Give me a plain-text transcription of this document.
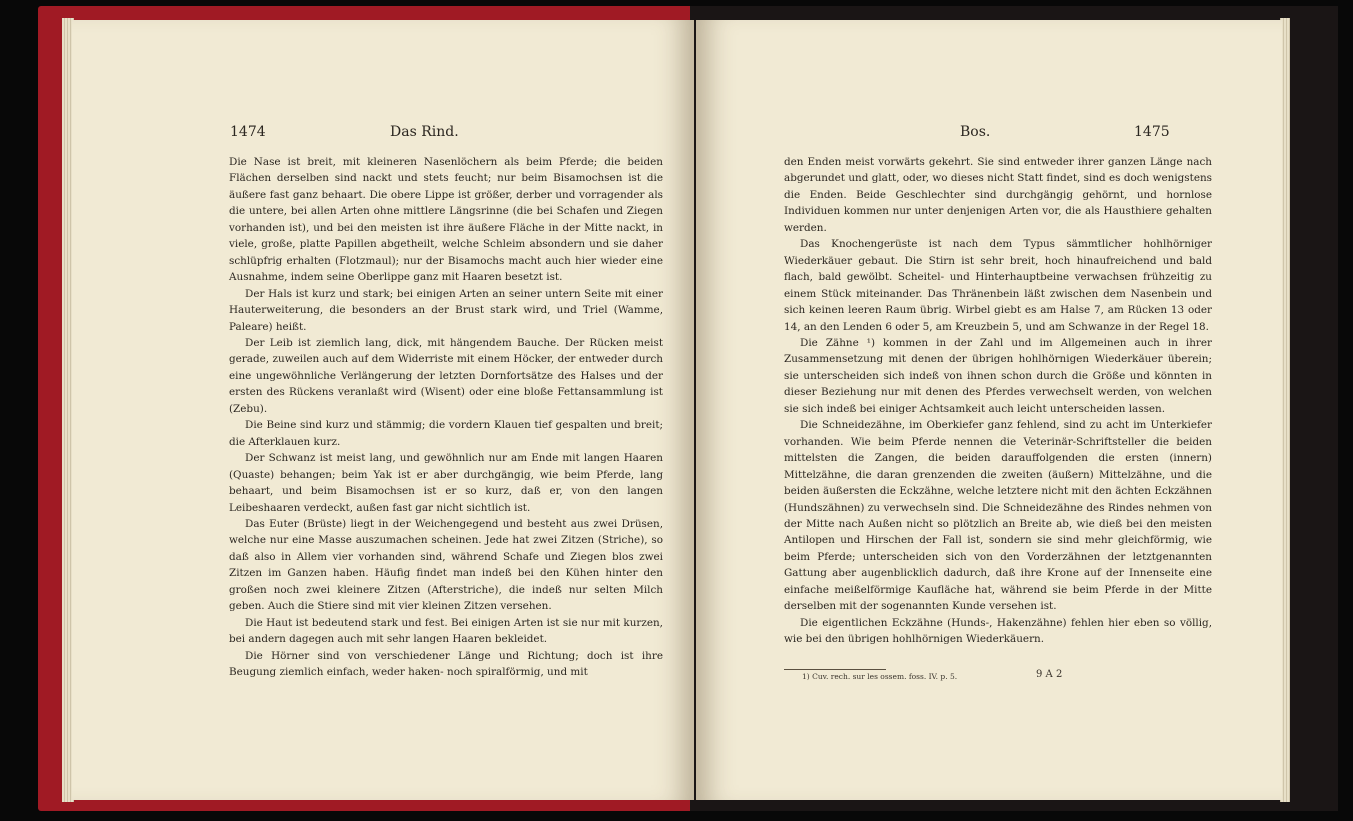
1474	Das Rind.

Die Nase ist breit, mit kleineren Nasenlöchern als beim Pferde; die beiden Flächen derselben sind nackt und stets feucht; nur beim Bisamochsen ist die äußere fast ganz behaart. Die obere Lippe ist größer, derber und vorragender als die untere, bei allen Arten ohne mittlere Längsrinne (die bei Schafen und Ziegen vorhanden ist), und bei den meisten ist ihre äußere Fläche in der Mitte nackt, in viele, große, platte Papillen abgetheilt, welche Schleim absondern und sie daher schlüpfrig erhalten (Flotzmaul); nur der Bisamochs macht auch hier wieder eine Ausnahme, indem seine Oberlippe ganz mit Haaren besetzt ist.

Der Hals ist kurz und stark; bei einigen Arten an seiner untern Seite mit einer Hauterweiterung, die besonders an der Brust stark wird, und Triel (Wamme, Paleare) heißt.

Der Leib ist ziemlich lang, dick, mit hängendem Bauche. Der Rücken meist gerade, zuweilen auch auf dem Widerriste mit einem Höcker, der entweder durch eine ungewöhnliche Verlängerung der letzten Dornfortsätze des Halses und der ersten des Rückens veranlaßt wird (Wisent) oder eine bloße Fettansammlung ist (Zebu).

Die Beine sind kurz und stämmig; die vordern Klauen tief gespalten und breit; die Afterklauen kurz.

Der Schwanz ist meist lang, und gewöhnlich nur am Ende mit langen Haaren (Quaste) behangen; beim Yak ist er aber durchgängig, wie beim Pferde, lang behaart, und beim Bisamochsen ist er so kurz, daß er, von den langen Leibeshaaren verdeckt, außen fast gar nicht sichtlich ist.

Das Euter (Brüste) liegt in der Weichengegend und besteht aus zwei Drüsen, welche nur eine Masse auszumachen scheinen. Jede hat zwei Zitzen (Striche), so daß also in Allem vier vorhanden sind, während Schafe und Ziegen blos zwei Zitzen im Ganzen haben. Häufig findet man indeß bei den Kühen hinter den großen noch zwei kleinere Zitzen (Afterstriche), die indeß nur selten Milch geben. Auch die Stiere sind mit vier kleinen Zitzen versehen.

Die Haut ist bedeutend stark und fest. Bei einigen Arten ist sie nur mit kurzen, bei andern dagegen auch mit sehr langen Haaren bekleidet.

Die Hörner sind von verschiedener Länge und Richtung; doch ist ihre Beugung ziemlich einfach, weder haken- noch spiralförmig, und mit

Bos.	1475

den Enden meist vorwärts gekehrt. Sie sind entweder ihrer ganzen Länge nach abgerundet und glatt, oder, wo dieses nicht Statt findet, sind es doch wenigstens die Enden. Beide Geschlechter sind durchgängig gehörnt, und hornlose Individuen kommen nur unter denjenigen Arten vor, die als Hausthiere gehalten werden.

Das Knochengerüste ist nach dem Typus sämmtlicher hohlhörniger Wiederkäuer gebaut. Die Stirn ist sehr breit, hoch hinaufreichend und bald flach, bald gewölbt. Scheitel- und Hinterhauptbeine verwachsen frühzeitig zu einem Stück miteinander. Das Thränenbein läßt zwischen dem Nasenbein und sich keinen leeren Raum übrig. Wirbel giebt es am Halse 7, am Rücken 13 oder 14, an den Lenden 6 oder 5, am Kreuzbein 5, und am Schwanze in der Regel 18.

Die Zähne ¹) kommen in der Zahl und im Allgemeinen auch in ihrer Zusammensetzung mit denen der übrigen hohlhörnigen Wiederkäuer überein; sie unterscheiden sich indeß von ihnen schon durch die Größe und könnten in dieser Beziehung nur mit denen des Pferdes verwechselt werden, von welchen sie sich indeß bei einiger Achtsamkeit auch leicht unterscheiden lassen.

Die Schneidezähne, im Oberkiefer ganz fehlend, sind zu acht im Unterkiefer vorhanden. Wie beim Pferde nennen die Veterinär-Schriftsteller die beiden mittelsten die Zangen, die beiden darauffolgenden die ersten (innern) Mittelzähne, die daran grenzenden die zweiten (äußern) Mittelzähne, und die beiden äußersten die Eckzähne, welche letztere nicht mit den ächten Eckzähnen (Hundszähnen) zu verwechseln sind. Die Schneidezähne des Rindes nehmen von der Mitte nach Außen nicht so plötzlich an Breite ab, wie dieß bei den meisten Antilopen und Hirschen der Fall ist, sondern sie sind mehr gleichförmig, wie beim Pferde; unterscheiden sich von den Vorderzähnen der letztgenannten Gattung aber augenblicklich dadurch, daß ihre Krone auf der Innenseite eine einfache meißelförmige Kaufläche hat, während sie beim Pferde in der Mitte derselben mit der sogenannten Kunde versehen ist.

Die eigentlichen Eckzähne (Hunds-, Hakenzähne) fehlen hier eben so völlig, wie bei den übrigen hohlhörnigen Wiederkäuern.

1) Cuv. rech. sur les ossem. foss. IV. p. 5.	9 A 2
